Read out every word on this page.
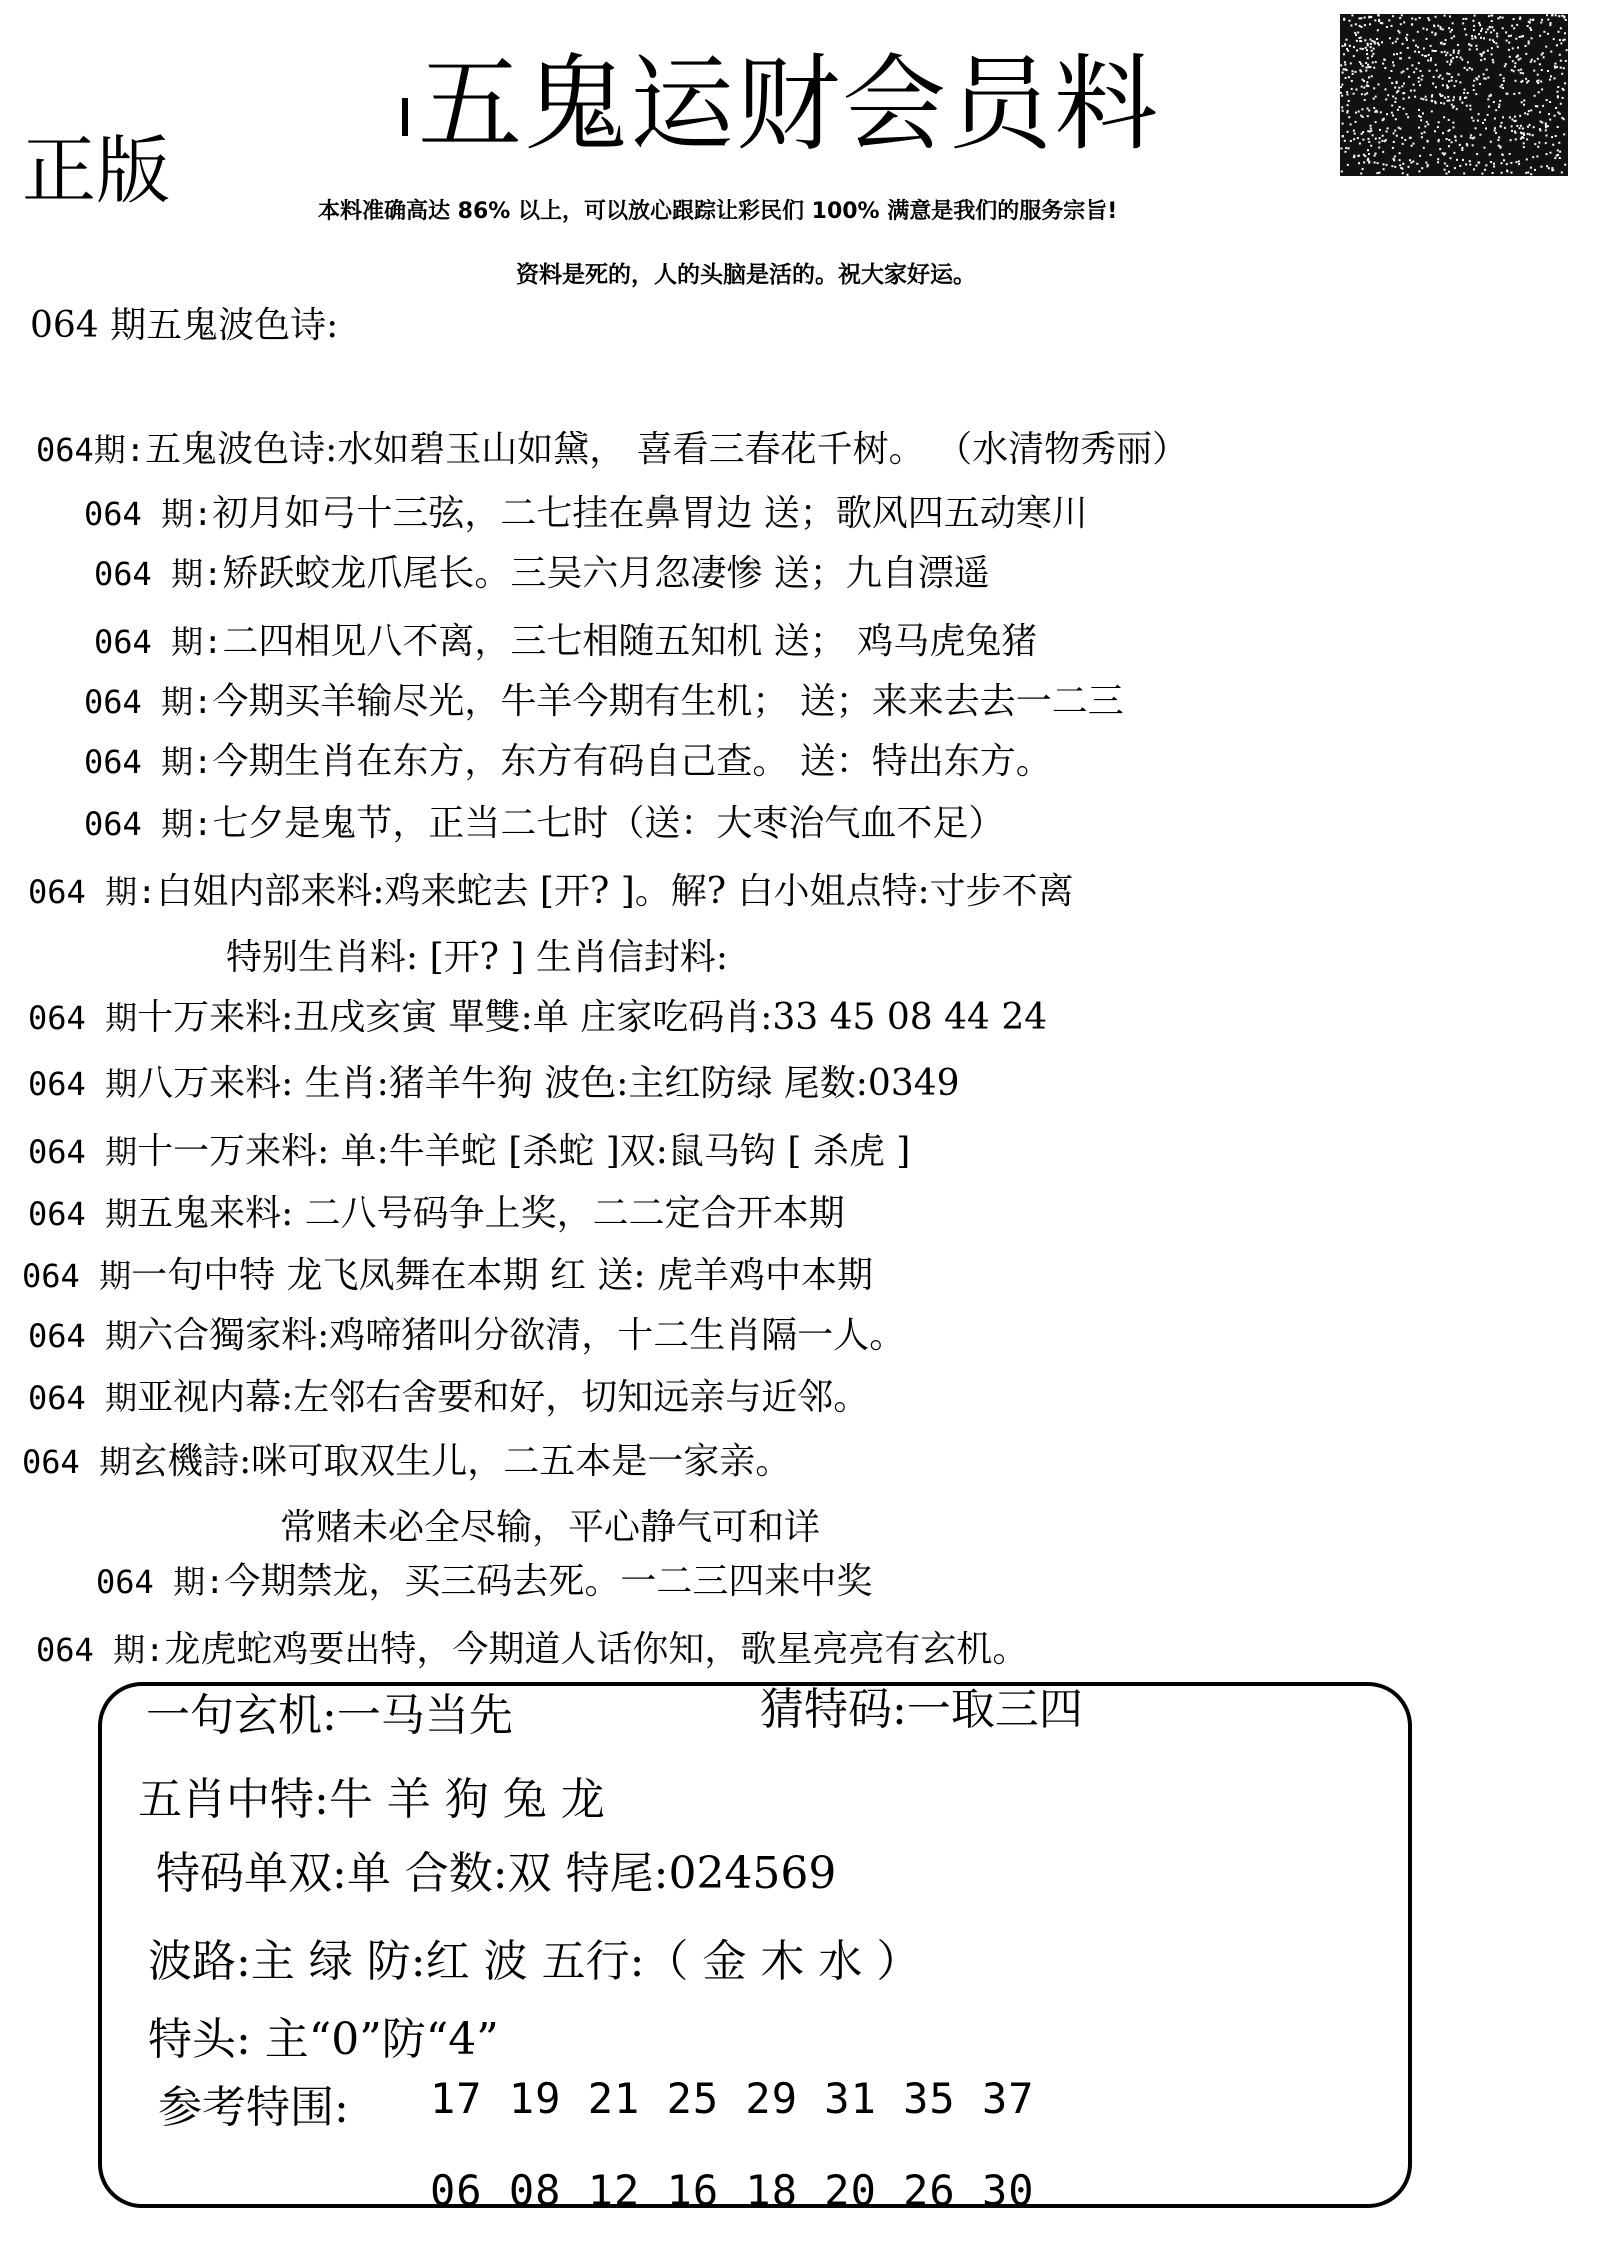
五鬼运财会员料
正版	本料准确高达 86% 以上，可以放心跟踪让彩民们 100% 满意是我们的服务宗旨!
资料是死的，人的头脑是活的。祝大家好运。
064 期五鬼波色诗:
064期:五鬼波色诗:水如碧玉山如黛， 喜看三春花千树。 （水清物秀丽）
064 期:初月如弓十三弦，二七挂在鼻胃边 送；歌风四五动寒川
064 期:矫跃蛟龙爪尾长。三吴六月忽凄惨 送；九自漂遥
064 期:二四相见八不离，三七相随五知机 送； 鸡马虎兔猪
064 期:今期买羊输尽光，牛羊今期有生机； 送；来来去去一二三
064 期:今期生肖在东方，东方有码自己查。 送：特出东方。
064 期:七夕是鬼节，正当二七时（送：大枣治气血不足）
064 期:白姐内部来料:鸡来蛇去 [开? ]。解? 白小姐点特:寸步不离
特别生肖料: [开? ] 生肖信封料:
064 期十万来料:丑戌亥寅 單雙:单 庄家吃码肖:33 45 08 44 24
064 期八万来料: 生肖:猪羊牛狗 波色:主红防绿 尾数:0349
064 期十一万来料: 单:牛羊蛇 [杀蛇 ]双:鼠马钩 [ 杀虎 ]
064 期五鬼来料: 二八号码争上奖，二二定合开本期
064 期一句中特 龙飞凤舞在本期 红 送: 虎羊鸡中本期
064 期六合獨家料:鸡啼猪叫分欲清，十二生肖隔一人。
064 期亚视内幕:左邻右舍要和好，切知远亲与近邻。
064 期玄機詩:咪可取双生儿，二五本是一家亲。
常赌未必全尽输，平心静气可和详
064 期:今期禁龙，买三码去死。一二三四来中奖
064 期:龙虎蛇鸡要出特，今期道人话你知，歌星亮亮有玄机。
一句玄机:一马当先	猜特码:一取三四
五肖中特:牛 羊 狗 兔 龙
特码单双:单 合数:双 特尾:024569
波路:主 绿 防:红 波 五行:（ 金 木 水 ）
特头: 主“0”防“4”
参考特围: 17 19 21 25 29 31 35 37
06 08 12 16 18 20 26 30
